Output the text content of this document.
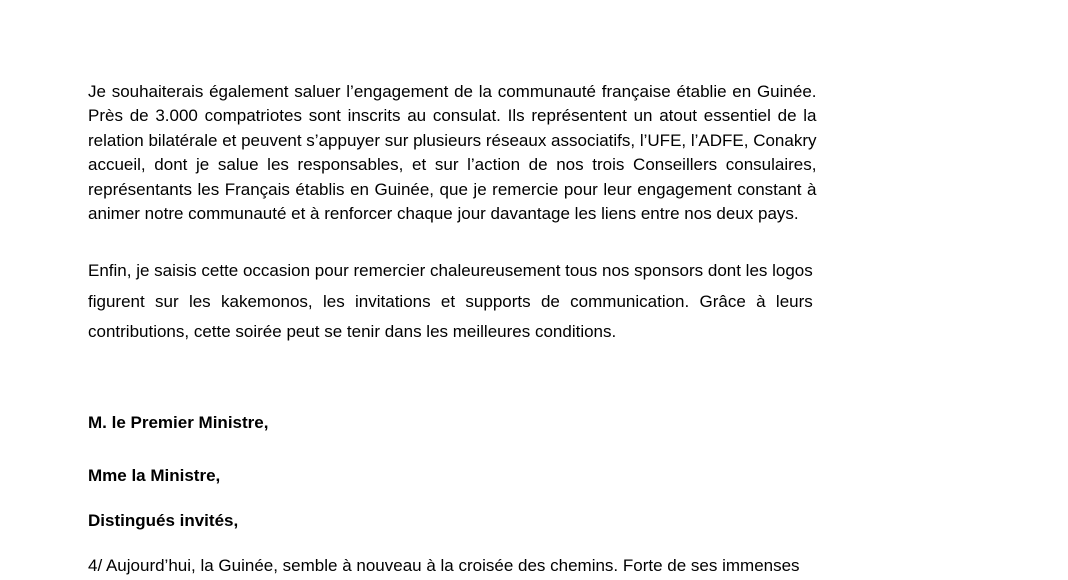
Je souhaiterais également saluer l’engagement de la communauté française établie en Guinée.
Près de 3.000 compatriotes sont inscrits au consulat. Ils représentent un atout essentiel de la
relation bilatérale et peuvent s’appuyer sur plusieurs réseaux associatifs, l’UFE, l’ADFE, Conakry
accueil, dont je salue les responsables, et sur l’action de nos trois Conseillers consulaires,
représentants les Français établis en Guinée, que je remercie pour leur engagement constant à
animer notre communauté et à renforcer chaque jour davantage les liens entre nos deux pays.

Enfin, je saisis cette occasion pour remercier chaleureusement tous nos sponsors dont les logos
figurent sur les kakemonos, les invitations et supports de communication. Grâce à leurs
contributions, cette soirée peut se tenir dans les meilleures conditions.

M. le Premier Ministre,

Mme la Ministre,

Distingués invités,

4/ Aujourd’hui, la Guinée, semble à nouveau à la croisée des chemins. Forte de ses immenses
